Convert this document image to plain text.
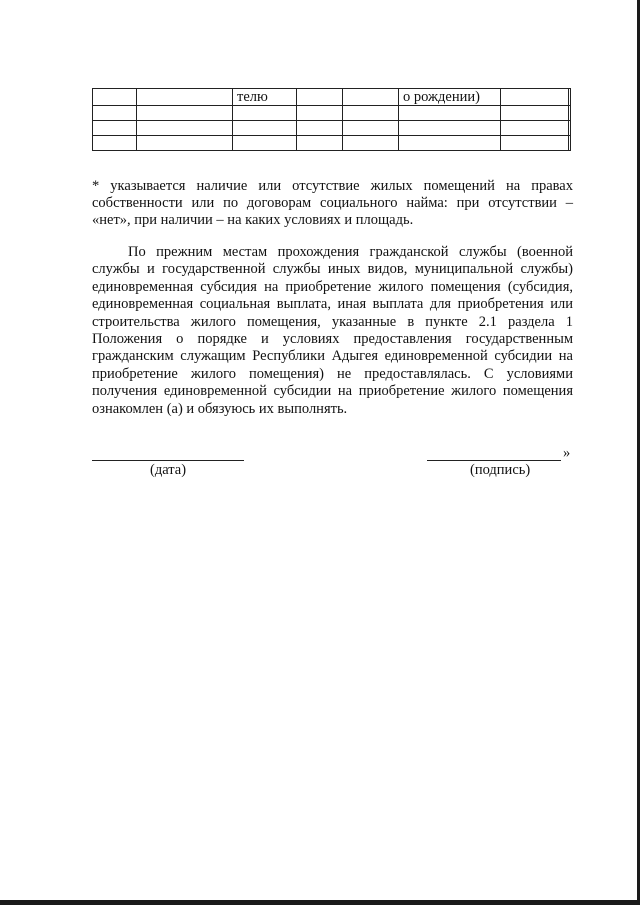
		телю			о рождении)		

* указывается наличие или отсутствие жилых помещений на правах собственности или по договорам социального найма: при отсутствии – «нет», при наличии – на каких условиях и площадь.
По прежним местам прохождения гражданской службы (военной службы и государственной службы иных видов, муниципальной службы) единовременная субсидия на приобретение жилого помещения (субсидия, единовременная социальная выплата, иная выплата для приобретения или строительства жилого помещения, указанные в пункте 2.1 раздела 1 Положения о порядке и условиях предоставления государственным гражданским служащим Республики Адыгея единовременной субсидии на приобретение жилого помещения) не предоставлялась. С условиями получения единовременной субсидии на приобретение жилого помещения ознакомлен (а) и обязуюсь их выполнять.
»
(дата)	(подпись)
